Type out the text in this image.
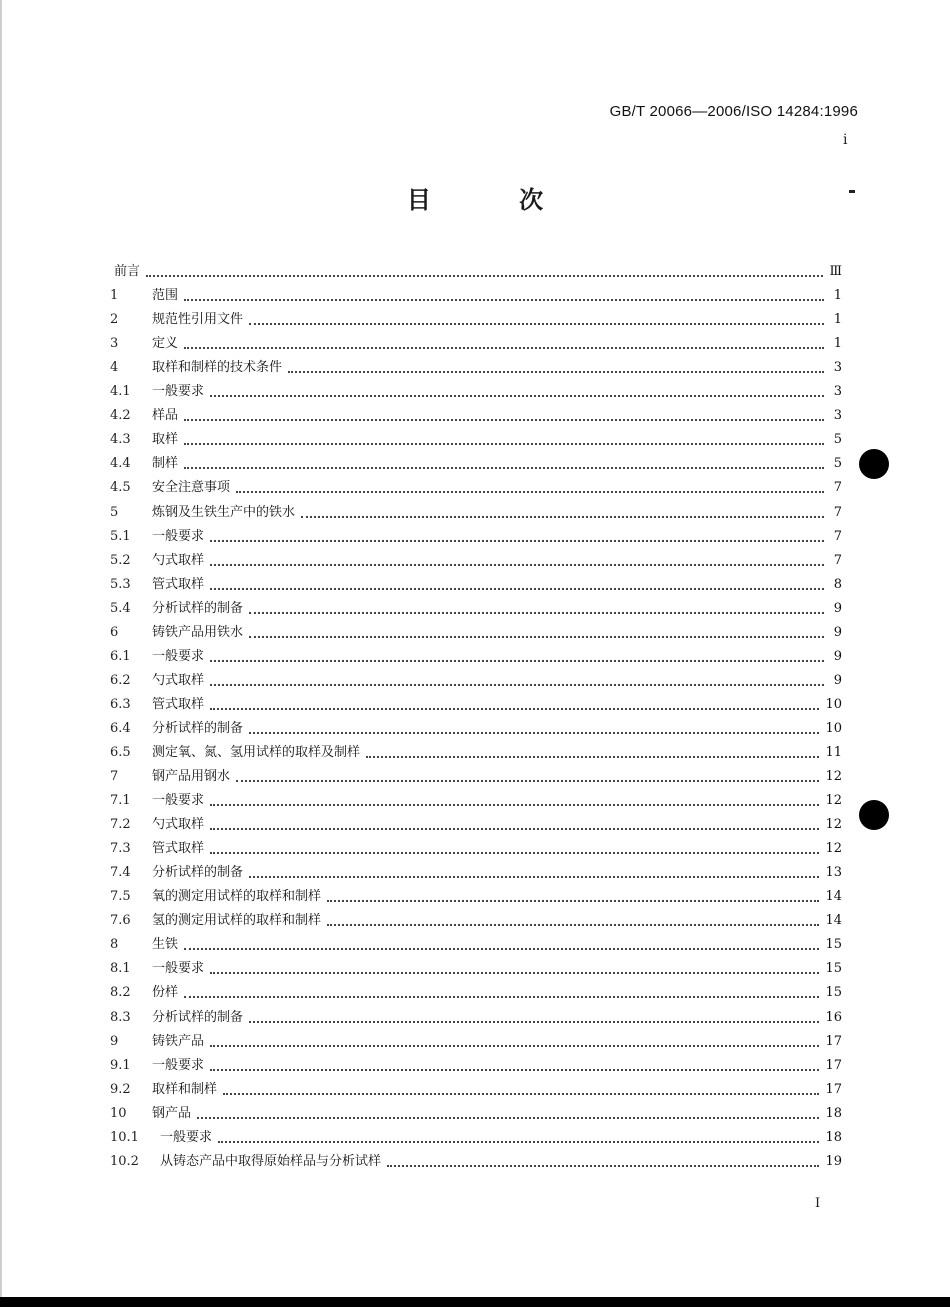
GB/T 20066—2006/ISO 14284:1996
i
目 次
前言	Ⅲ
1	范围	1
2	规范性引用文件	1
3	定义	1
4	取样和制样的技术条件	3
4.1	一般要求	3
4.2	样品	3
4.3	取样	5
4.4	制样	5
4.5	安全注意事项	7
5	炼钢及生铁生产中的铁水	7
5.1	一般要求	7
5.2	勺式取样	7
5.3	管式取样	8
5.4	分析试样的制备	9
6	铸铁产品用铁水	9
6.1	一般要求	9
6.2	勺式取样	9
6.3	管式取样	10
6.4	分析试样的制备	10
6.5	测定氧、氮、氢用试样的取样及制样	11
7	钢产品用钢水	12
7.1	一般要求	12
7.2	勺式取样	12
7.3	管式取样	12
7.4	分析试样的制备	13
7.5	氧的测定用试样的取样和制样	14
7.6	氢的测定用试样的取样和制样	14
8	生铁	15
8.1	一般要求	15
8.2	份样	15
8.3	分析试样的制备	16
9	铸铁产品	17
9.1	一般要求	17
9.2	取样和制样	17
10	钢产品	18
10.1	一般要求	18
10.2	从铸态产品中取得原始样品与分析试样	19
Ⅰ
